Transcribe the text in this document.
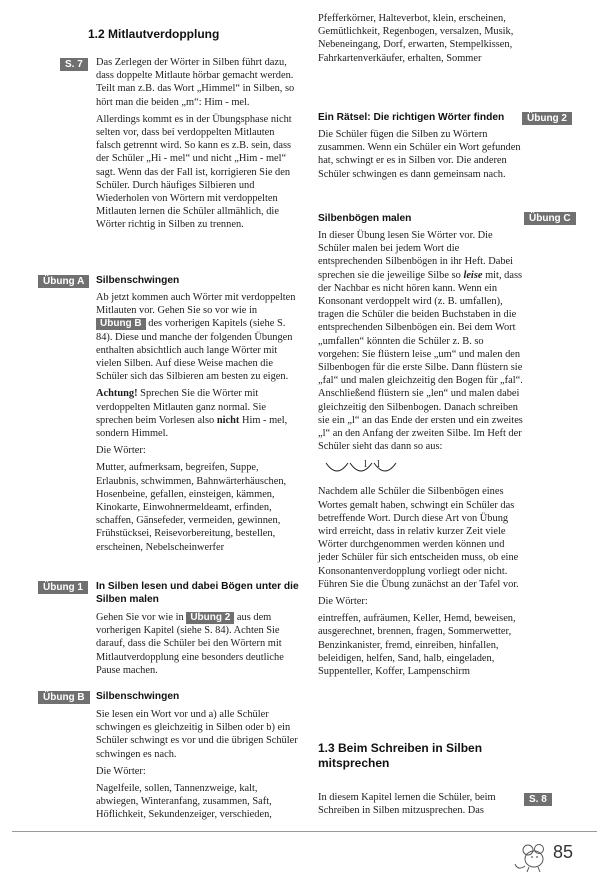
1.2 Mitlautverdopplung
S. 7	Das Zerlegen der Wörter in Silben führt dazu, dass doppelte Mitlaute hörbar gemacht werden. Teilt man z.B. das Wort „Himmel“ in Silben, so hört man die beiden „m“: Him - mel.

Allerdings kommt es in der Übungsphase nicht selten vor, dass bei verdoppelten Mitlauten falsch getrennt wird. So kann es z.B. sein, dass der Schüler „Hi - mel“ und nicht „Him - mel“ sagt. Wenn das der Fall ist, korrigieren Sie den Schüler. Durch häufiges Silbieren und Wiederholen von Wörtern mit verdoppelten Mitlauten lernen die Schüler allmählich, die Wörter richtig in Silben zu trennen.

Übung A	Silbenschwingen

Ab jetzt kommen auch Wörter mit verdoppelten Mitlauten vor. Gehen Sie so vor wie in Übung B des vorherigen Kapitels (siehe S. 84). Diese und manche der folgenden Übungen enthalten absichtlich auch lange Wörter mit vielen Silben. Auf diese Weise machen die Schüler sich das Silbieren am besten zu eigen.

Achtung! Sprechen Sie die Wörter mit verdoppelten Mitlauten ganz normal. Sie sprechen beim Vorlesen also nicht Him - mel, sondern Himmel.

Die Wörter:

Mutter, aufmerksam, begreifen, Suppe, Erlaubnis, schwimmen, Bahnwärterhäuschen, Hosenbeine, gefallen, einsteigen, kämmen, Kinokarte, Einwohnermeldeamt, erfinden, schaffen, Gänsefeder, vermeiden, gewinnen, Frühstücksei, Reisevorbereitung, bestellen, erscheinen, Nebelscheinwerfer

Übung 1	In Silben lesen und dabei Bögen unter die Silben malen

Gehen Sie vor wie in Übung 2 aus dem vorherigen Kapitel (siehe S. 84). Achten Sie darauf, dass die Schüler bei den Wörtern mit Mitlautverdopplung eine besonders deutliche Pause machen.

Übung B	Silbenschwingen

Sie lesen ein Wort vor und a) alle Schüler schwingen es gleichzeitig in Silben oder b) ein Schüler schwingt es vor und die übrigen Schüler schwingen es nach.

Die Wörter:

Nagelfeile, sollen, Tannenzweige, kalt, abwiegen, Winteranfang, zusammen, Saft, Höflichkeit, Sekundenzeiger, verschieden,

Pfefferkörner, Halteverbot, klein, erscheinen, Gemütlichkeit, Regenbogen, versalzen, Musik, Nebeneingang, Dorf, erwarten, Stempelkissen, Fahrkartenverkäufer, erhalten, Sommer

Ein Rätsel: Die richtigen Wörter finden

Die Schüler fügen die Silben zu Wörtern zusammen. Wenn ein Schüler ein Wort gefunden hat, schwingt er es in Silben vor. Die anderen Schüler schwingen es dann gemeinsam nach.

Übung 2
Silbenbögen malen

In dieser Übung lesen Sie Wörter vor. Die Schüler malen bei jedem Wort die entsprechenden Silbenbögen in ihr Heft. Dabei sprechen sie die jeweilige Silbe so leise mit, dass der Nachbar es nicht hören kann. Wenn ein Konsonant verdoppelt wird (z. B. umfallen), tragen die Schüler die beiden Buchstaben in die entsprechenden Silbenbögen ein. Bei dem Wort „umfallen“ könnten die Schüler z. B. so vorgehen: Sie flüstern leise „um“ und malen den Silbenbogen für die erste Silbe. Dann flüstern sie „fal“ und malen gleichzeitig den Bogen für „fal“. Anschließend flüstern sie „len“ und malen dabei gleichzeitig den Silbenbogen. Danach schreiben sie ein „l“ an das Ende der ersten und ein zweites „l“ an den Anfang der zweiten Silbe. Im Heft der Schüler sieht das dann so aus:

l l

Nachdem alle Schüler die Silbenbögen eines Wortes gemalt haben, schwingt ein Schüler das betreffende Wort. Durch diese Art von Übung wird erreicht, dass in relativ kurzer Zeit viele Wörter durchgenommen werden können und jeder Schüler für sich entscheiden muss, ob eine Konsonantenverdopplung vorliegt oder nicht. Führen Sie die Übung zunächst an der Tafel vor.

Die Wörter:

eintreffen, aufräumen, Keller, Hemd, beweisen, ausgerechnet, brennen, fragen, Sommerwetter, Benzinkanister, fremd, einreiben, hinfallen, beleidigen, helfen, Sand, halb, eingeladen, Suppenteller, Koffer, Lampenschirm

Übung C
1.3 Beim Schreiben in Silben mitsprechen

In diesem Kapitel lernen die Schüler, beim Schreiben in Silben mitzusprechen. Das

S. 8
85
